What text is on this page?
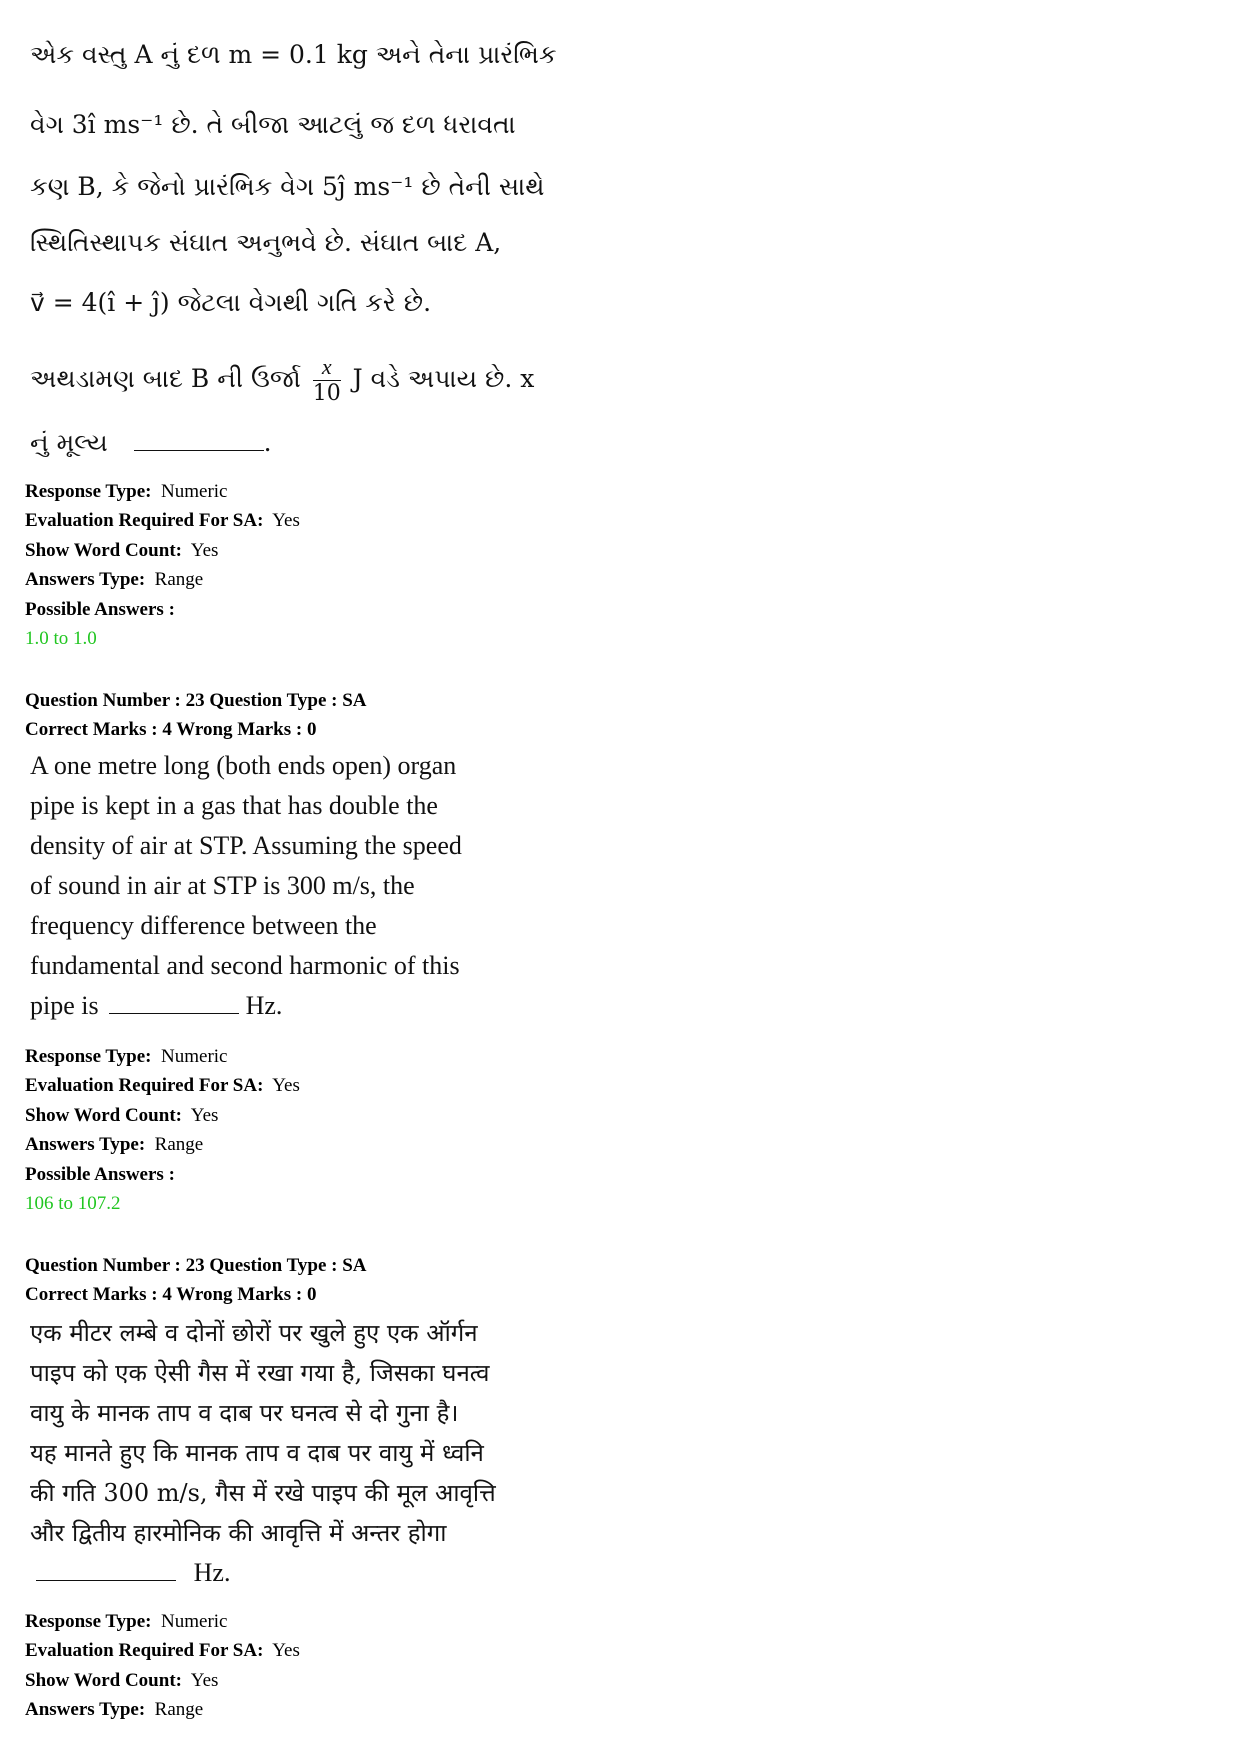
એક વસ્તુ A નું દળ m = 0.1 kg અને તેના પ્રારંભિક
વેગ 3î ms⁻¹ છે. તે બીજા આટલું જ દળ ધરાવતા
કણ B, કે જેનો પ્રારંભિક વેગ 5ĵ ms⁻¹ છે તેની સાથે
સ્થિતિસ્થાપક સંઘાત અનુભવે છે. સંઘાત બાદ A,
v⃗ = 4(î + ĵ) જેટલા વેગથી ગતિ કરે છે.
અથડામણ બાદ B ની ઉર્જા $\frac{x}{10}$ J વડે અપાય છે. x
નું મૂલ્ય	.
Response Type: Numeric
Evaluation Required For SA: Yes
Show Word Count: Yes
Answers Type: Range
Possible Answers :
1.0 to 1.0
Question Number : 23 Question Type : SA
Correct Marks : 4 Wrong Marks : 0
A one metre long (both ends open) organ
pipe is kept in a gas that has double the
density of air at STP. Assuming the speed
of sound in air at STP is 300 m/s, the
frequency difference between the
fundamental and second harmonic of this
pipe is	Hz.
Response Type: Numeric
Evaluation Required For SA: Yes
Show Word Count: Yes
Answers Type: Range
Possible Answers :
106 to 107.2
Question Number : 23 Question Type : SA
Correct Marks : 4 Wrong Marks : 0
एक मीटर लम्बे व दोनों छोरों पर खुले हुए एक ऑर्गन
पाइप को एक ऐसी गैस में रखा गया है, जिसका घनत्व
वायु के मानक ताप व दाब पर घनत्व से दो गुना है।
यह मानते हुए कि मानक ताप व दाब पर वायु में ध्वनि
की गति 300 m/s, गैस में रखे पाइप की मूल आवृत्ति
और द्वितीय हारमोनिक की आवृत्ति में अन्तर होगा
Hz.
Response Type: Numeric
Evaluation Required For SA: Yes
Show Word Count: Yes
Answers Type: Range
